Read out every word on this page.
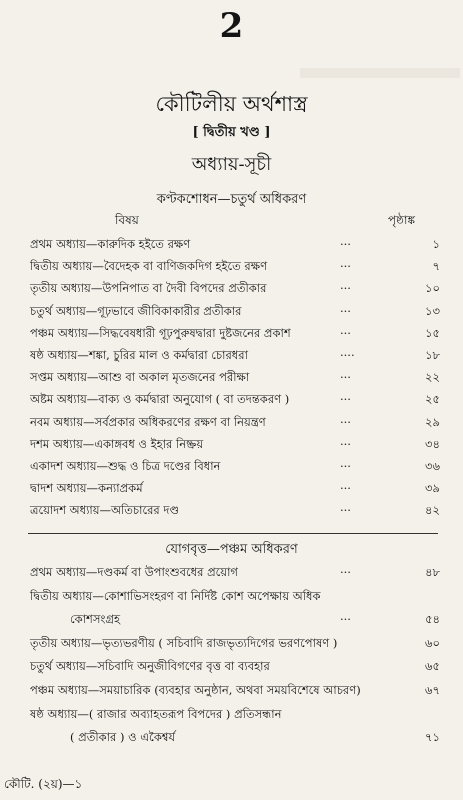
2
কৌটিলীয় অর্থশাস্ত্র
[ দ্বিতীয় খণ্ড ]
অধ্যায়-সূচী
কণ্টকশোধন—চতুর্থ অধিকরণ
বিষয়	পৃষ্ঠাঙ্ক
প্রথম অধ্যায়—কারুদিক হইতে রক্ষণ	···	১
দ্বিতীয় অধ্যায়—বৈদেহক বা বাণিজকদিগ হইতে রক্ষণ	···	৭
তৃতীয় অধ্যায়—উপনিপাত বা দৈবী বিপদের প্রতীকার	···	১০
চতুর্থ অধ্যায়—গূঢ়ভাবে জীবিকাকারীর প্রতীকার	···	১৩
পঞ্চম অধ্যায়—সিদ্ধবেষধারী গূঢ়পুরুষদ্বারা দুষ্টজনের প্রকাশ	···	১৫
ষষ্ঠ অধ্যায়—শঙ্কা, চুরির মাল ও কর্মদ্বারা চোরধরা	····	১৮
সপ্তম অধ্যায়—আশু বা অকাল মৃতজনের পরীক্ষা	···	২২
অষ্টম অধ্যায়—বাক্য ও কর্মদ্বারা অনুযোগ ( বা তদন্তকরণ )	···	২৫
নবম অধ্যায়—সর্বপ্রকার অধিকরণের রক্ষণ বা নিয়ন্ত্রণ	···	২৯
দশম অধ্যায়—একাঙ্গবধ ও ইহার নিষ্ক্রয়	···	৩৪
একাদশ অধ্যায়—শুদ্ধ ও চিত্র দণ্ডের বিধান	···	৩৬
দ্বাদশ অধ্যায়—কন্যাপ্রকর্ম	···	৩৯
ত্রয়োদশ অধ্যায়—অতিচারের দণ্ড	···	৪২
যোগবৃত্ত—পঞ্চম অধিকরণ
প্রথম অধ্যায়—দণ্ডকর্ম বা উপাংশুবধের প্রয়োগ	···	৪৮
দ্বিতীয় অধ্যায়—কোশাভিসংহরণ বা নির্দিষ্ট কোশ অপেক্ষায় অধিক
কোশসংগ্রহ	···	৫৪
তৃতীয় অধ্যায়—ভৃত্যভরণীয় ( সচিবাদি রাজভৃত্যদিগের ভরণপোষণ )	৬০
চতুর্থ অধ্যায়—সচিবাদি অনুজীবিগণের বৃত্ত বা ব্যবহার	৬৫
পঞ্চম অধ্যায়—সময়াচারিক (ব্যবহার অনুষ্ঠান, অথবা সময়বিশেষে আচরণ)	৬৭
ষষ্ঠ অধ্যায়—( রাজার অব্যাহতরূপ বিপদের ) প্রতিসন্ধান
( প্রতীকার ) ও একৈশ্বর্য	৭১
কৌটি. (২য়)—১
